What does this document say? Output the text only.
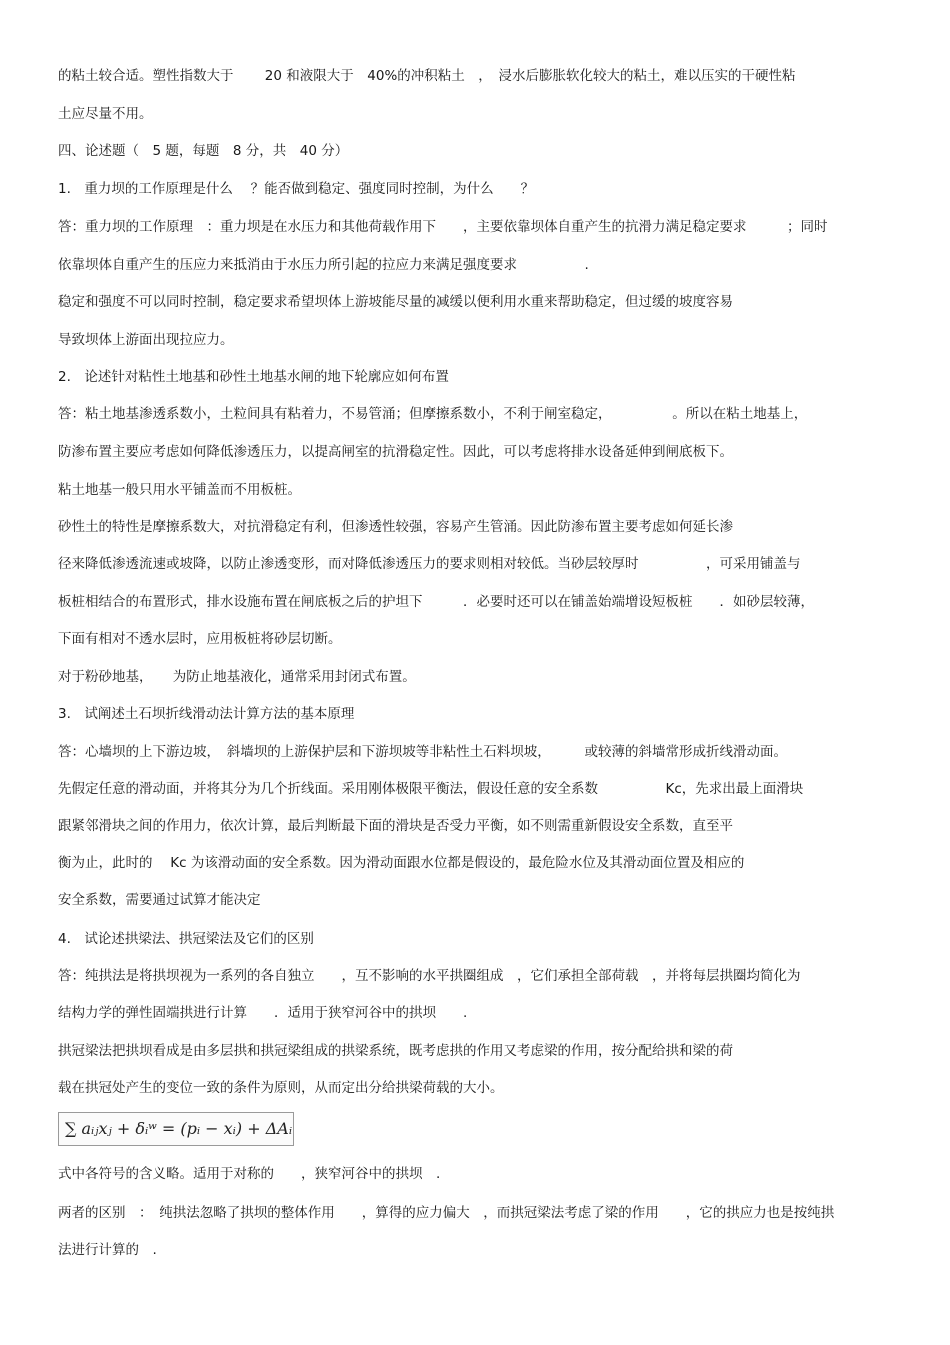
的粘土较合适。塑性指数大于　　 20 和液限大于　40%的冲积粘土　，　浸水后膨胀软化较大的粘土，难以压实的干硬性粘

土应尽量不用。

四、论述题（　5 题，每题　8 分，共　40 分）

1.　重力坝的工作原理是什么　 ？能否做到稳定、强度同时控制，为什么　　？

答：重力坝的工作原理　：重力坝是在水压力和其他荷载作用下　　，主要依靠坝体自重产生的抗滑力满足稳定要求　　　；同时

依靠坝体自重产生的压应力来抵消由于水压力所引起的拉应力来满足强度要求　　　　　.

稳定和强度不可以同时控制，稳定要求希望坝体上游坡能尽量的减缓以便利用水重来帮助稳定，但过缓的坡度容易

导致坝体上游面出现拉应力。

2.　论述针对粘性土地基和砂性土地基水闸的地下轮廓应如何布置

答：粘土地基渗透系数小，土粒间具有粘着力，不易管涌；但摩擦系数小，不利于闸室稳定，　　　　　。所以在粘土地基上，

防渗布置主要应考虑如何降低渗透压力，以提高闸室的抗滑稳定性。因此，可以考虑将排水设备延伸到闸底板下。

粘土地基一般只用水平铺盖而不用板桩。

砂性土的特性是摩擦系数大，对抗滑稳定有利，但渗透性较强，容易产生管涌。因此防渗布置主要考虑如何延长渗

径来降低渗透流速或坡降，以防止渗透变形，而对降低渗透压力的要求则相对较低。当砂层较厚时　　　　　，可采用铺盖与

板桩相结合的布置形式，排水设施布置在闸底板之后的护坦下　　　．必要时还可以在铺盖始端增设短板桩　　．如砂层较薄，

下面有相对不透水层时，应用板桩将砂层切断。

对于粉砂地基，　　为防止地基液化，通常采用封闭式布置。

3.　试阐述土石坝折线滑动法计算方法的基本原理

答：心墙坝的上下游边坡，　斜墙坝的上游保护层和下游坝坡等非粘性土石料坝坡，　　　或较薄的斜墙常形成折线滑动面。

先假定任意的滑动面，并将其分为几个折线面。采用刚体极限平衡法，假设任意的安全系数　　　　　Kc，先求出最上面滑块

跟紧邻滑块之间的作用力，依次计算，最后判断最下面的滑块是否受力平衡，如不则需重新假设安全系数，直至平

衡为止，此时的　 Kc 为该滑动面的安全系数。因为滑动面跟水位都是假设的，最危险水位及其滑动面位置及相应的

安全系数，需要通过试算才能决定

4.　试论述拱梁法、拱冠梁法及它们的区别

答：纯拱法是将拱坝视为一系列的各自独立　　，互不影响的水平拱圈组成　，它们承担全部荷载　，并将每层拱圈均简化为

结构力学的弹性固端拱进行计算　　．适用于狭窄河谷中的拱坝　　.

拱冠梁法把拱坝看成是由多层拱和拱冠梁组成的拱梁系统，既考虑拱的作用又考虑梁的作用，按分配给拱和梁的荷

载在拱冠处产生的变位一致的条件为原则，从而定出分给拱梁荷载的大小。

∑ aᵢⱼxⱼ + δᵢʷ = (pᵢ − xᵢ) + ΔAᵢ

式中各符号的含义略。适用于对称的　　，狭窄河谷中的拱坝　.

两者的区别　：　纯拱法忽略了拱坝的整体作用　　，算得的应力偏大　，而拱冠梁法考虑了梁的作用　　，它的拱应力也是按纯拱

法进行计算的　.
